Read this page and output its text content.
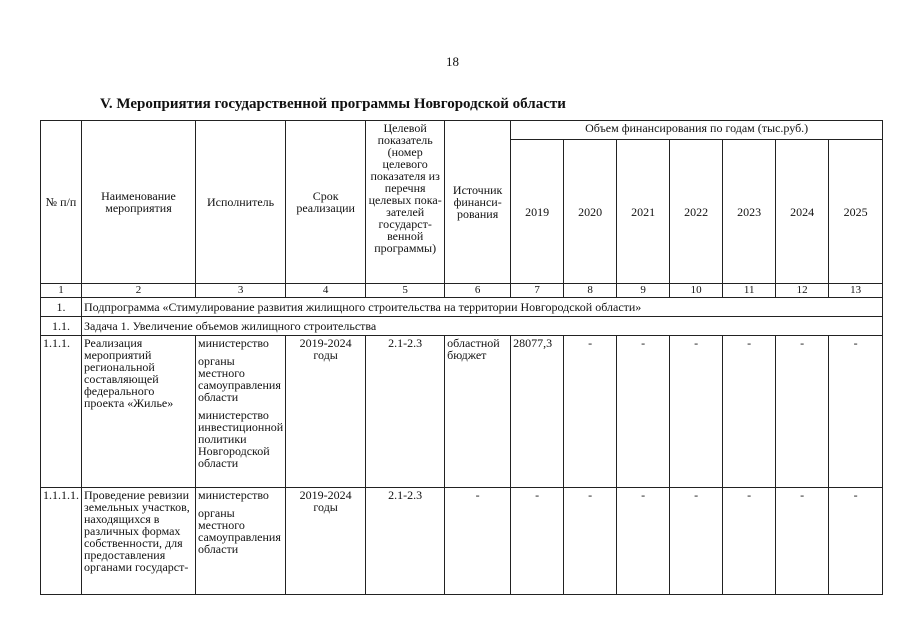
18
V. Мероприятия государственной программы Новгородской области
№ п/п	Наименование мероприятия	Исполнитель	Срок реализации	Целевой показатель (номер целевого показателя из перечня целевых пока-зателей государст-венной программы)	Источник финанси-рования	Объем финансирования по годам (тыс.руб.)						
						2019	2020	2021	2022	2023	2024	2025
1	2	3	4	5	6	7	8	9	10	11	12	13
1.	Подпрограмма «Стимулирование развития жилищного строительства на территории Новгородской области»											
1.1.	Задача 1. Увеличение объемов жилищного строительства											
1.1.1.	Реализация мероприятий региональной составляющей федерального проекта «Жилье»	министерство
органы местного самоуправления области
министерство инвестиционной политики Новгородской области	2019-2024 годы	2.1-2.3	областной бюджет	28077,3	-	-	-	-	-	-
1.1.1.1.	Проведение ревизии земельных участков, находящихся в различных формах собственности, для предоставления органами государст-	министерство
органы местного самоуправления области	2019-2024 годы	2.1-2.3	-	-	-	-	-	-	-	-
